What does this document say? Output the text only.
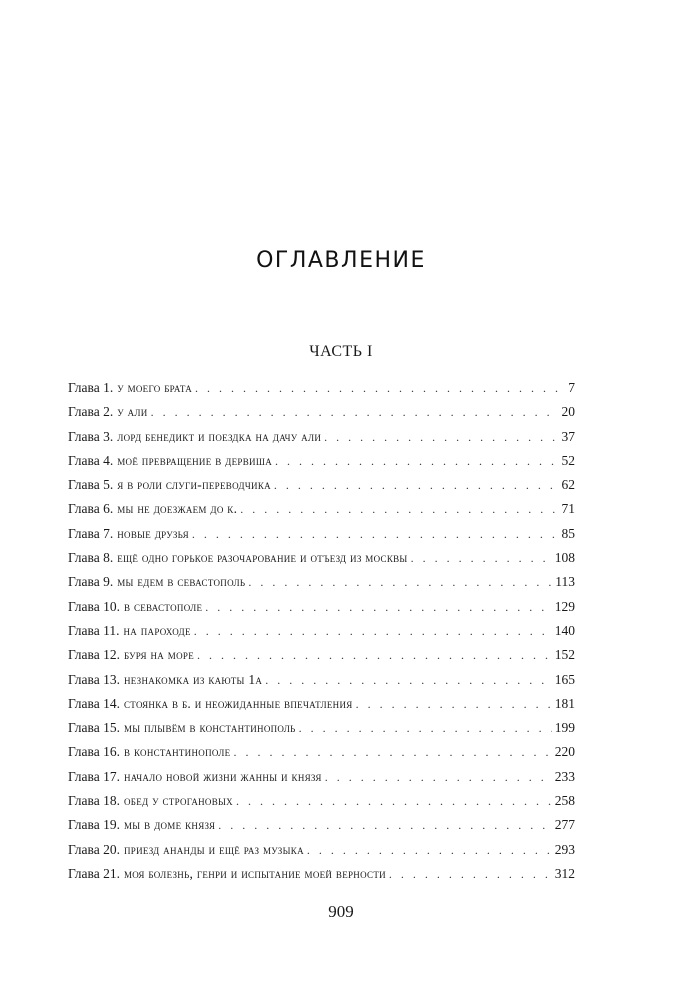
ОГЛАВЛЕНИЕ
ЧАСТЬ I
Глава 1. у моего брата . . .	7
Глава 2. у али . . .	20
Глава 3. лорд бенедикт и поездка на дачу али . . .	37
Глава 4. моё превращение в дервиша . . .	52
Глава 5. я в роли слуги-переводчика . . .	62
Глава 6. мы не доезжаем до к. . . .	71
Глава 7. новые друзья . . .	85
Глава 8. ещё одно горькое разочарование и отъезд из москвы . . .	108
Глава 9. мы едем в севастополь . . .	113
Глава 10. в севастополе . . .	129
Глава 11. на пароходе . . .	140
Глава 12. буря на море . . .	152
Глава 13. незнакомка из каюты 1а . . .	165
Глава 14. стоянка в б. и неожиданные впечатления . . .	181
Глава 15. мы плывём в константинополь . . .	199
Глава 16. в константинополе . . .	220
Глава 17. начало новой жизни жанны и князя . . .	233
Глава 18. обед у строгановых . . .	258
Глава 19. мы в доме князя . . .	277
Глава 20. приезд ананды и ещё раз музыка . . .	293
Глава 21. моя болезнь, генри и испытание моей верности . . .	312
909
